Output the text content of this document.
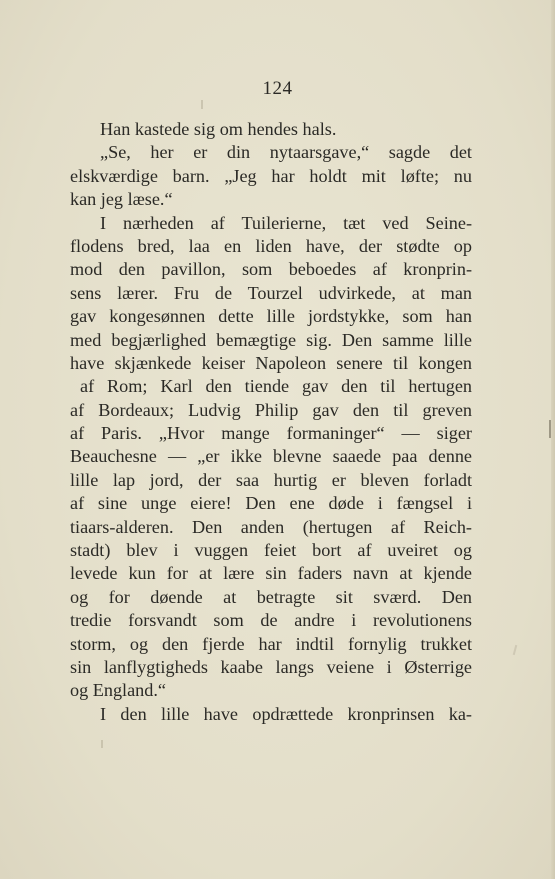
124
Han kastede sig om hendes hals.
„Se, her er din nytaarsgave,“ sagde det
elskværdige barn. „Jeg har holdt mit løfte; nu
kan jeg læse.“
I nærheden af Tuilerierne, tæt ved Seine-
flodens bred, laa en liden have, der stødte op
mod den pavillon, som beboedes af kronprin-
sens lærer. Fru de Tourzel udvirkede, at man
gav kongesønnen dette lille jordstykke, som han
med begjærlighed bemægtige sig. Den samme lille
have skjænkede keiser Napoleon senere til kongen
af Rom; Karl den tiende gav den til hertugen
af Bordeaux; Ludvig Philip gav den til greven
af Paris. „Hvor mange formaninger“ — siger
Beauchesne — „er ikke blevne saaede paa denne
lille lap jord, der saa hurtig er bleven forladt
af sine unge eiere! Den ene døde i fængsel i
tiaars-alderen. Den anden (hertugen af Reich-
stadt) blev i vuggen feiet bort af uveiret og
levede kun for at lære sin faders navn at kjende
og for døende at betragte sit sværd. Den
tredie forsvandt som de andre i revolutionens
storm, og den fjerde har indtil fornylig trukket
sin lanflygtigheds kaabe langs veiene i Østerrige
og England.“
I den lille have opdrættede kronprinsen ka-
